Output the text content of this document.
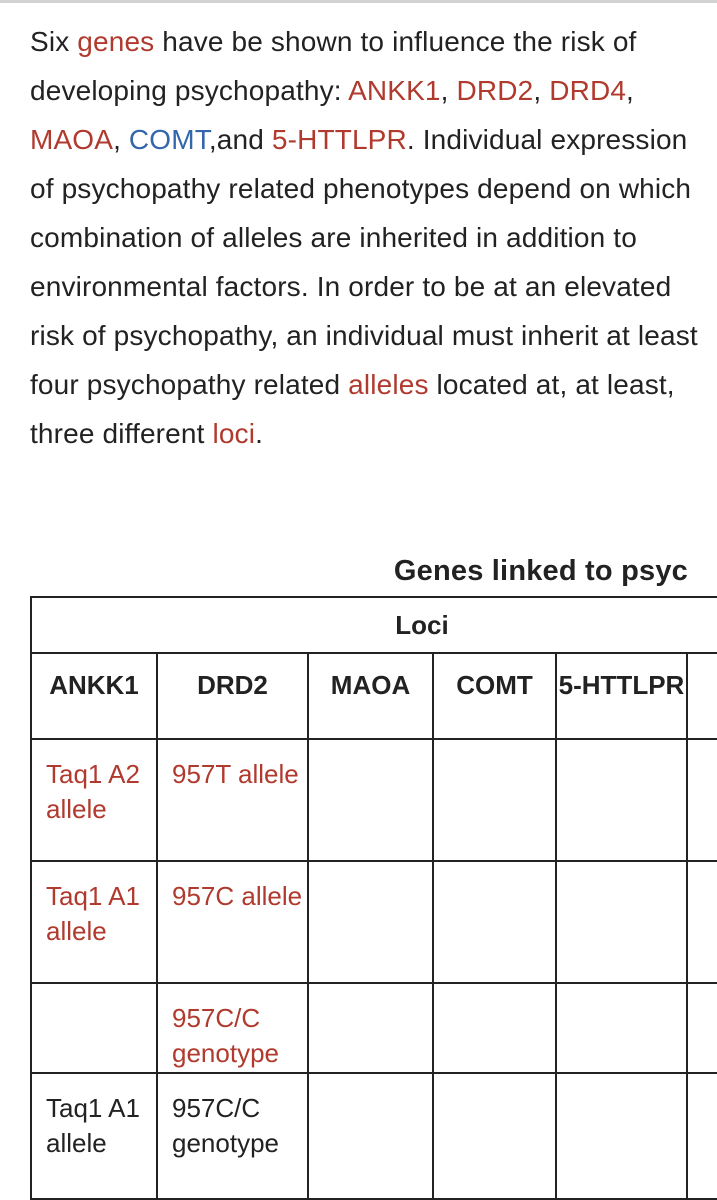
Six genes have be shown to influence the risk of developing psychopathy: ANKK1, DRD2, DRD4, MAOA, COMT,and 5-HTTLPR. Individual expression of psychopathy related phenotypes depend on which combination of alleles are inherited in addition to environmental factors. In order to be at an elevated risk of psychopathy, an individual must inherit at least four psychopathy related alleles located at, at least, three different loci.

Genes linked to psyc
Loci					
ANKK1	DRD2	MAOA	COMT	5-HTTLPR	
Taq1 A2 allele	957T allele				
Taq1 A1 allele	957C allele				
	957C/C genotype				
Taq1 A1 allele	957C/C genotype				
